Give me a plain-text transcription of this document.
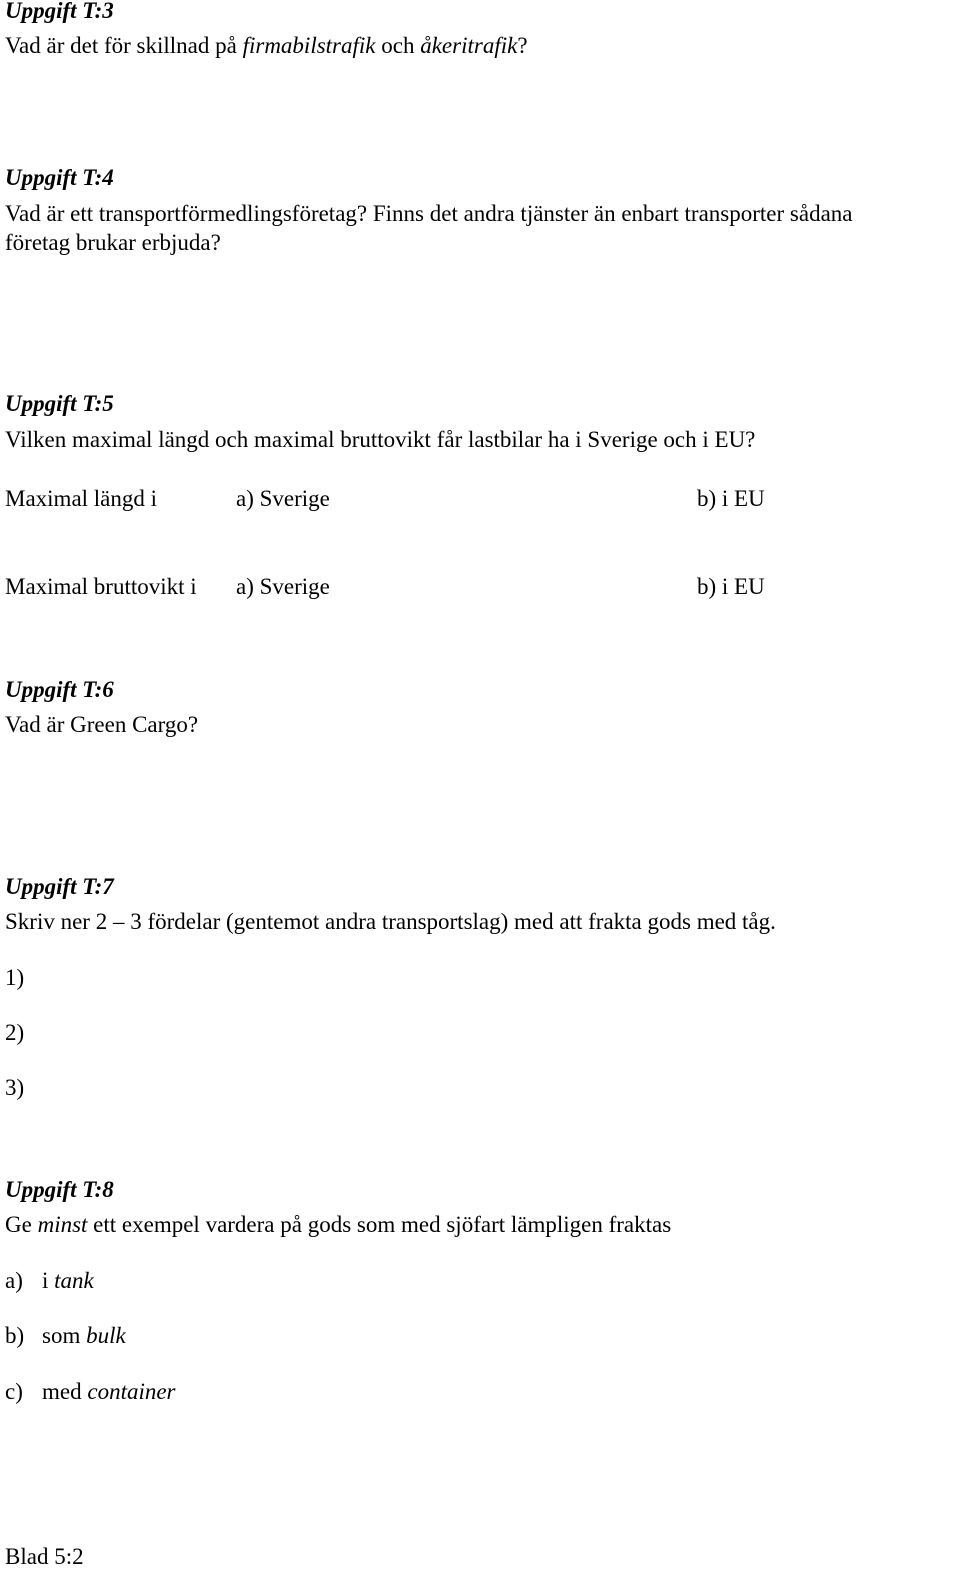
Uppgift T:3
Vad är det för skillnad på firmabilstrafik och åkeritrafik?
Uppgift T:4
Vad är ett transportförmedlingsföretag? Finns det andra tjänster än enbart transporter sådana
företag brukar erbjuda?
Uppgift T:5
Vilken maximal längd och maximal bruttovikt får lastbilar ha i Sverige och i EU?
Maximal längd i	a) Sverige	b) i EU
Maximal bruttovikt i a) Sverige	b) i EU
Uppgift T:6
Vad är Green Cargo?
Uppgift T:7
Skriv ner 2 – 3 fördelar (gentemot andra transportslag) med att frakta gods med tåg.
1)
2)
3)
Uppgift T:8
Ge minst ett exempel vardera på gods som med sjöfart lämpligen fraktas
a) i tank
b) som bulk
c) med container
Blad 5:2
